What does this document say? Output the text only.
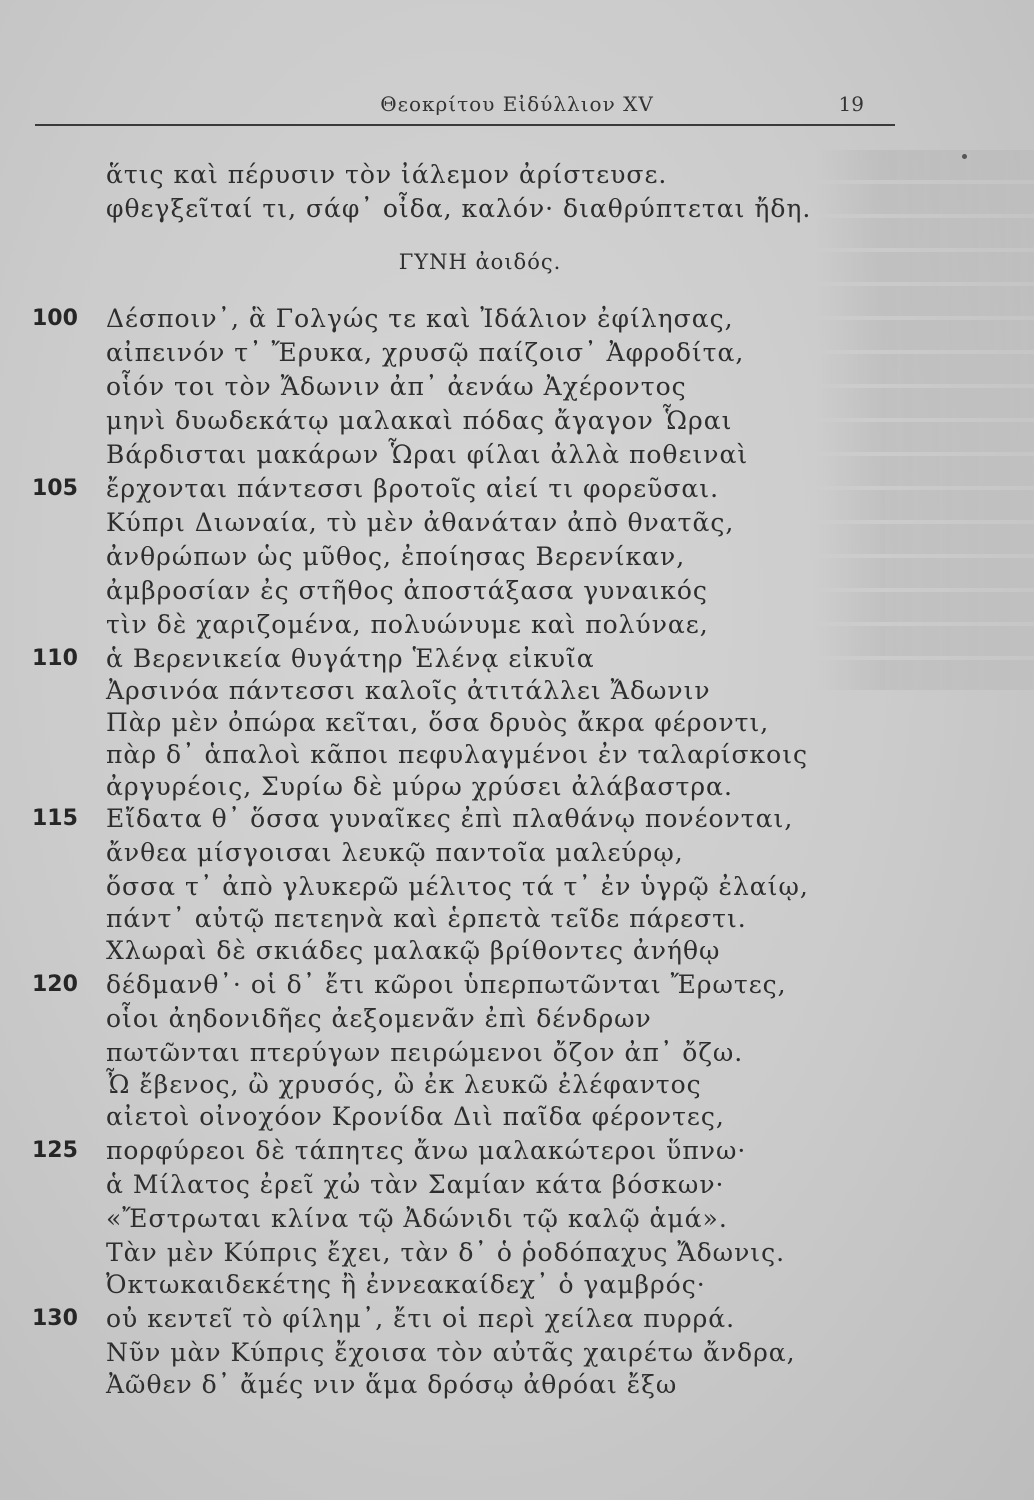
Θεοκρίτου Εἰδύλλιον XV	19
ἅτις καὶ πέρυσιν τὸν ἰάλεμον ἀρίστευσε.
φθεγξεῖταί τι, σάφ᾽ οἶδα, καλόν· διαθρύπτεται ἤδη.
ΓΥΝΗ ἀοιδός.
100
105
110
115
120
125
130
Δέσποιν᾽, ἃ Γολγώς τε καὶ Ἰδάλιον ἐφίλησας,
αἰπεινόν τ᾽ Ἔρυκα, χρυσῷ παίζοισ᾽ Ἀφροδίτα,
οἷόν τοι τὸν Ἄδωνιν ἀπ᾽ ἀενάω Ἀχέροντος
μηνὶ δυωδεκάτῳ μαλακαὶ πόδας ἄγαγον Ὧραι
Βάρδισται μακάρων Ὧραι φίλαι ἀλλὰ ποθειναὶ
ἔρχονται πάντεσσι βροτοῖς αἰεί τι φορεῦσαι.
Κύπρι Διωναία, τὺ μὲν ἀθανάταν ἀπὸ θνατᾶς,
ἀνθρώπων ὡς μῦθος, ἐποίησας Βερενίκαν,
ἀμβροσίαν ἐς στῆθος ἀποστάξασα γυναικός
τὶν δὲ χαριζομένα, πολυώνυμε καὶ πολύναε,
ἁ Βερενικεία θυγάτηρ Ἑλένᾳ εἰκυῖα
Ἀρσινόα πάντεσσι καλοῖς ἀτιτάλλει Ἄδωνιν
Πὰρ μὲν ὀπώρα κεῖται, ὅσα δρυὸς ἄκρα φέροντι,
πὰρ δ᾽ ἁπαλοὶ κᾶποι πεφυλαγμένοι ἐν ταλαρίσκοις
ἀργυρέοις, Συρίω δὲ μύρω χρύσει ἀλάβαστρα.
Εἴδατα θ᾽ ὅσσα γυναῖκες ἐπὶ πλαθάνῳ πονέονται,
ἄνθεα μίσγοισαι λευκῷ παντοῖα μαλεύρῳ,
ὅσσα τ᾽ ἀπὸ γλυκερῶ μέλιτος τά τ᾽ ἐν ὑγρῷ ἐλαίῳ,
πάντ᾽ αὐτῷ πετεηνὰ καὶ ἑρπετὰ τεῖδε πάρεστι.
Χλωραὶ δὲ σκιάδες μαλακῷ βρίθοντες ἀνήθῳ
δέδμανθ᾽· οἱ δ᾽ ἔτι κῶροι ὑπερπωτῶνται Ἔρωτες,
οἷοι ἀηδονιδῆες ἀεξομενᾶν ἐπὶ δένδρων
πωτῶνται πτερύγων πειρώμενοι ὄζον ἀπ᾽ ὄζω.
Ὦ ἔβενος, ὢ χρυσός, ὢ ἐκ λευκῶ ἐλέφαντος
αἰετοὶ οἰνοχόον Κρονίδα Διὶ παῖδα φέροντες,
πορφύρεοι δὲ τάπητες ἄνω μαλακώτεροι ὕπνω·
ἁ Μίλατος ἐρεῖ χὠ τὰν Σαμίαν κάτα βόσκων·
«Ἔστρωται κλίνα τῷ Ἀδώνιδι τῷ καλῷ ἁμά».
Τὰν μὲν Κύπρις ἔχει, τὰν δ᾽ ὁ ῥοδόπαχυς Ἄδωνις.
Ὀκτωκαιδεκέτης ἢ ἐννεακαίδεχ᾽ ὁ γαμβρός·
οὐ κεντεῖ τὸ φίλημ᾽, ἔτι οἱ περὶ χείλεα πυρρά.
Νῦν μὰν Κύπρις ἔχοισα τὸν αὐτᾶς χαιρέτω ἄνδρα,
Ἀῶθεν δ᾽ ἄμές νιν ἅμα δρόσῳ ἀθρόαι ἔξω
